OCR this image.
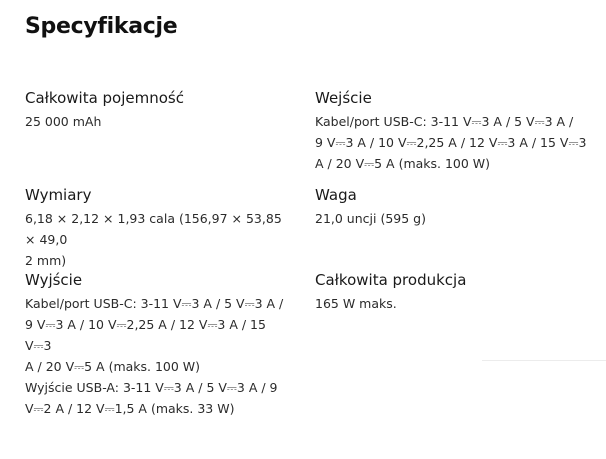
Specyfikacje

Całkowita pojemność

25 000 mAh

Wejście

Kabel/port USB-C: 3-11 V⎓3 A / 5 V⎓3 A /
9 V⎓3 A / 10 V⎓2,25 A / 12 V⎓3 A / 15 V⎓3
A / 20 V⎓5 A (maks. 100 W)

Wymiary

6,18 × 2,12 × 1,93 cala (156,97 × 53,85 × 49,0
2 mm)

Waga

21,0 uncji (595 g)

Wyjście

Kabel/port USB-C: 3-11 V⎓3 A / 5 V⎓3 A /
9 V⎓3 A / 10 V⎓2,25 A / 12 V⎓3 A / 15 V⎓3
A / 20 V⎓5 A (maks. 100 W)
Wyjście USB-A: 3-11 V⎓3 A / 5 V⎓3 A / 9
V⎓2 A / 12 V⎓1,5 A (maks. 33 W)

Całkowita produkcja

165 W maks.
